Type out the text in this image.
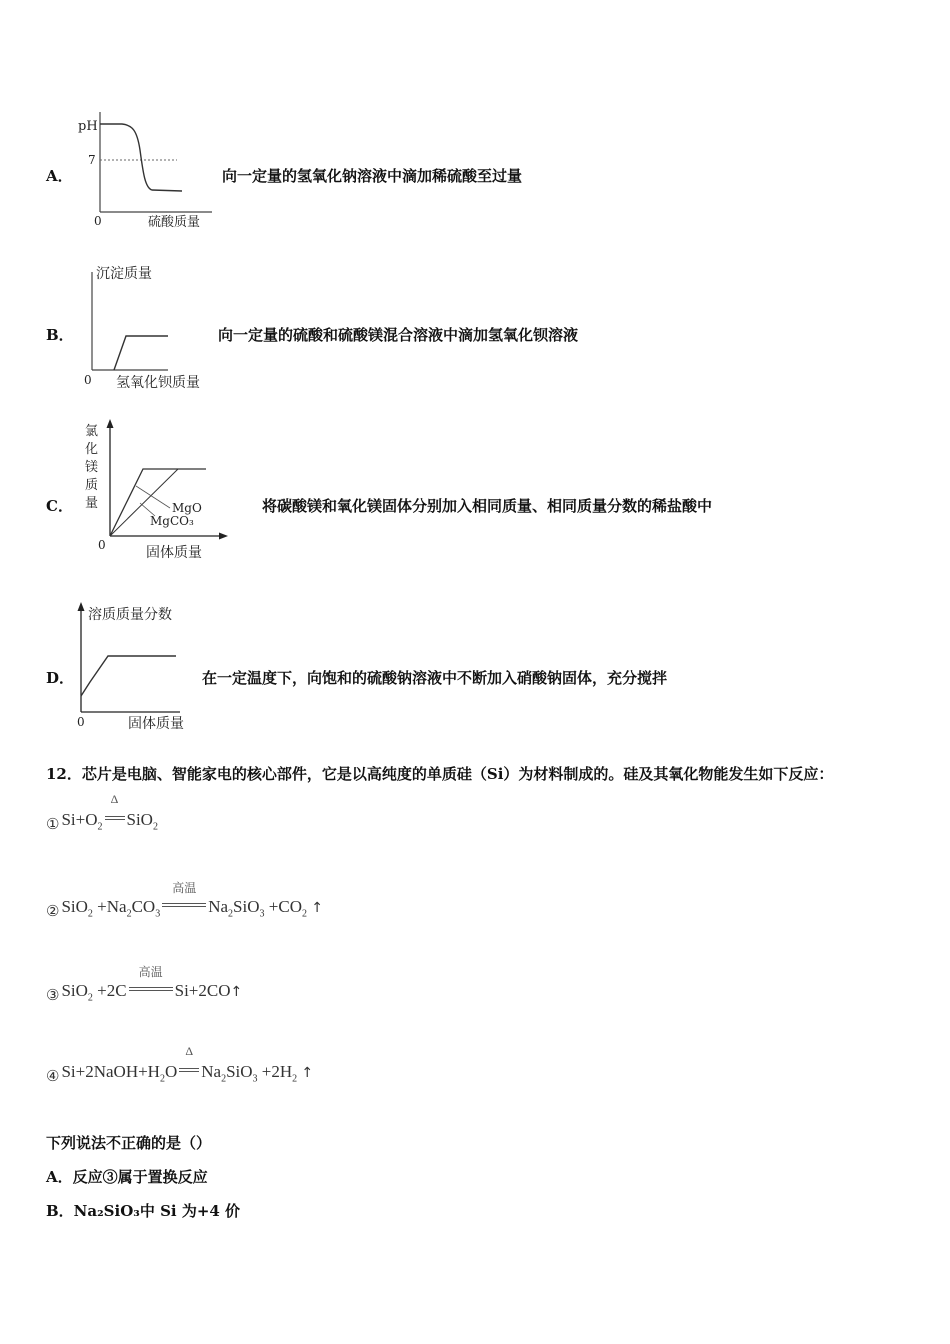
A．
pH
7
0	硫酸质量
向一定量的氢氧化钠溶液中滴加稀硫酸至过量
B．
沉淀质量
0 氢氧化钡质量
向一定量的硫酸和硫酸镁混合溶液中滴加氢氧化钡溶液
C．
氯
化
镁
质
量	MgO
MgCO₃
0	固体质量
将碳酸镁和氧化镁固体分别加入相同质量、相同质量分数的稀盐酸中
D．
溶质质量分数
0	固体质量
在一定温度下，向饱和的硫酸钠溶液中不断加入硝酸钠固体，充分搅拌
12．芯片是电脑、智能家电的核心部件，它是以高纯度的单质硅（Si）为材料制成的。硅及其氧化物能发生如下反应：
① $Si+O_2$
Δ
SiO$_2$
② $SiO_2 +Na_2CO_3$
高温
$Na_2SiO_3 +CO_2$ ↑
③ SiO$_2$ +2C
高温
Si+2CO↑
④ $Si+2NaOH+H_2O$
Δ
$Na_2SiO_3 +2H_2$ ↑
下列说法不正确的是（）
A．反应③属于置换反应
B．Na₂SiO₃中 Si 为+4 价
